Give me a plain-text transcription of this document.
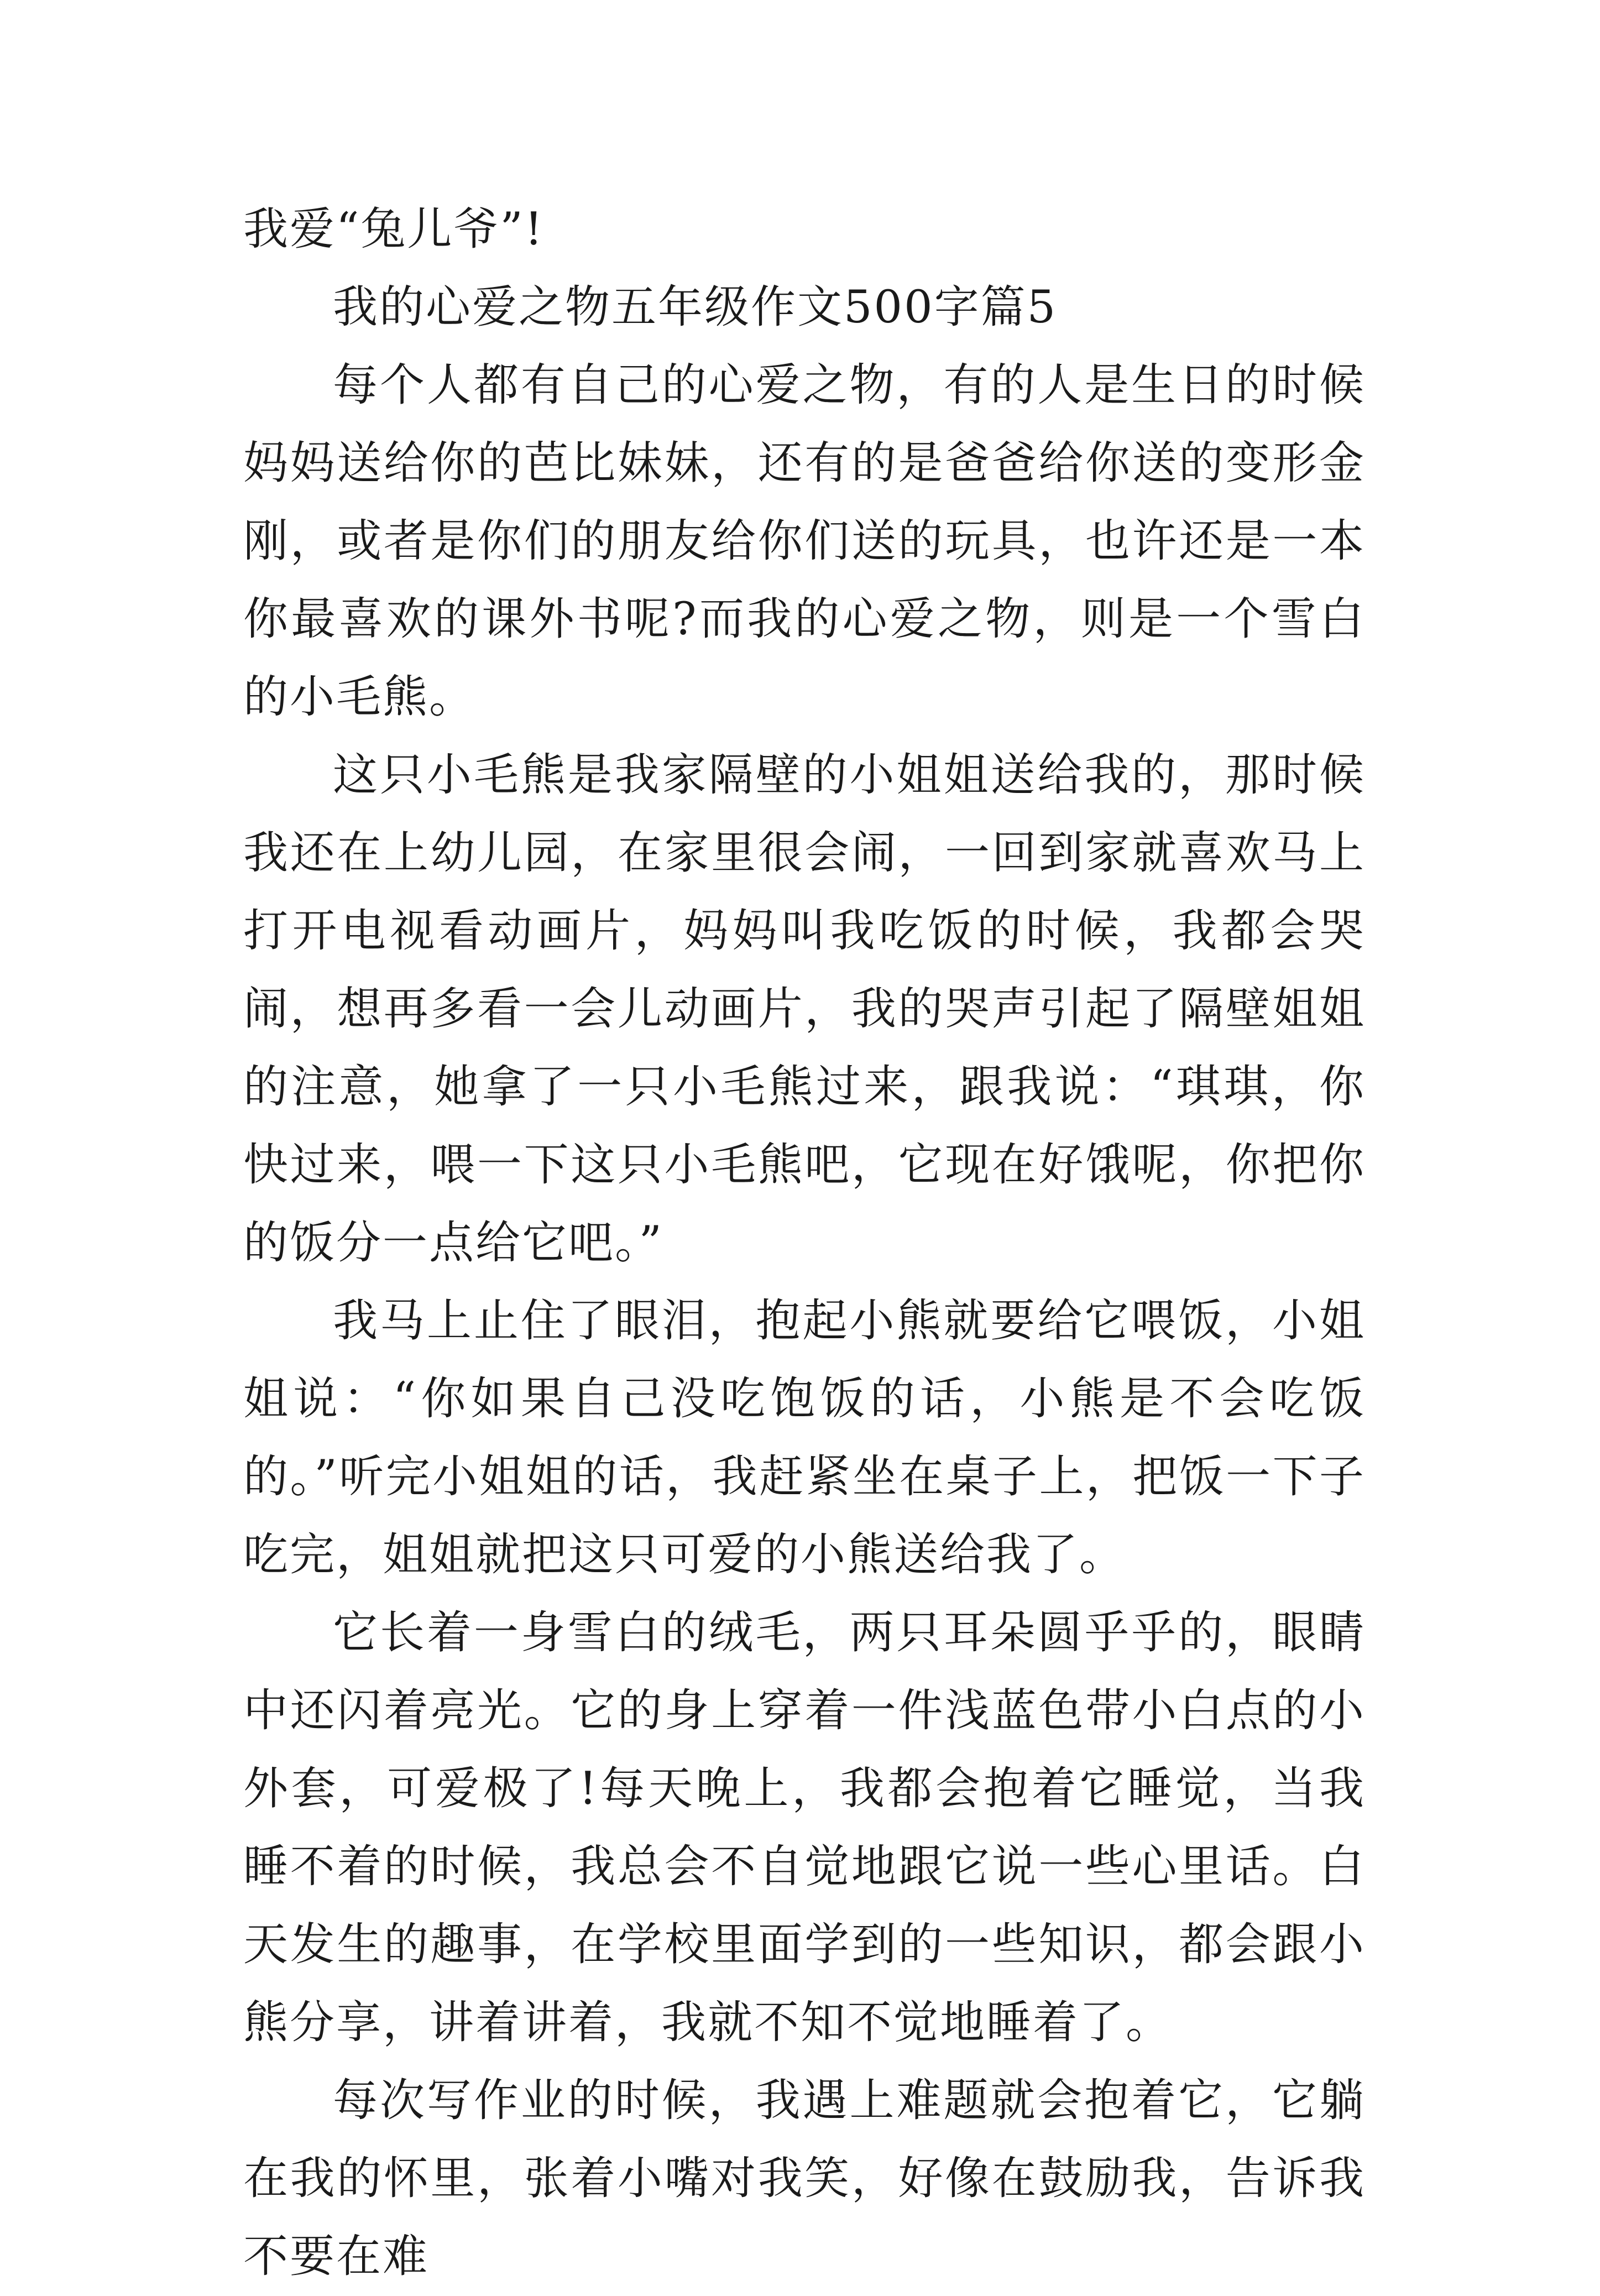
我爱“兔儿爷”!

我的心爱之物五年级作文500字篇5

每个人都有自己的心爱之物，有的人是生日的时候妈妈送给你的芭比妹妹，还有的是爸爸给你送的变形金刚，或者是你们的朋友给你们送的玩具，也许还是一本你最喜欢的课外书呢?而我的心爱之物，则是一个雪白的小毛熊。

这只小毛熊是我家隔壁的小姐姐送给我的，那时候我还在上幼儿园，在家里很会闹，一回到家就喜欢马上打开电视看动画片，妈妈叫我吃饭的时候，我都会哭闹，想再多看一会儿动画片，我的哭声引起了隔壁姐姐的注意，她拿了一只小毛熊过来，跟我说：“琪琪，你快过来，喂一下这只小毛熊吧，它现在好饿呢，你把你的饭分一点给它吧。”

我马上止住了眼泪，抱起小熊就要给它喂饭，小姐姐说：“你如果自己没吃饱饭的话，小熊是不会吃饭的。”听完小姐姐的话，我赶紧坐在桌子上，把饭一下子吃完，姐姐就把这只可爱的小熊送给我了。

它长着一身雪白的绒毛，两只耳朵圆乎乎的，眼睛中还闪着亮光。它的身上穿着一件浅蓝色带小白点的小外套，可爱极了!每天晚上，我都会抱着它睡觉，当我睡不着的时候，我总会不自觉地跟它说一些心里话。白天发生的趣事，在学校里面学到的一些知识，都会跟小熊分享，讲着讲着，我就不知不觉地睡着了。

每次写作业的时候，我遇上难题就会抱着它，它躺在我的怀里，张着小嘴对我笑，好像在鼓励我，告诉我不要在难
